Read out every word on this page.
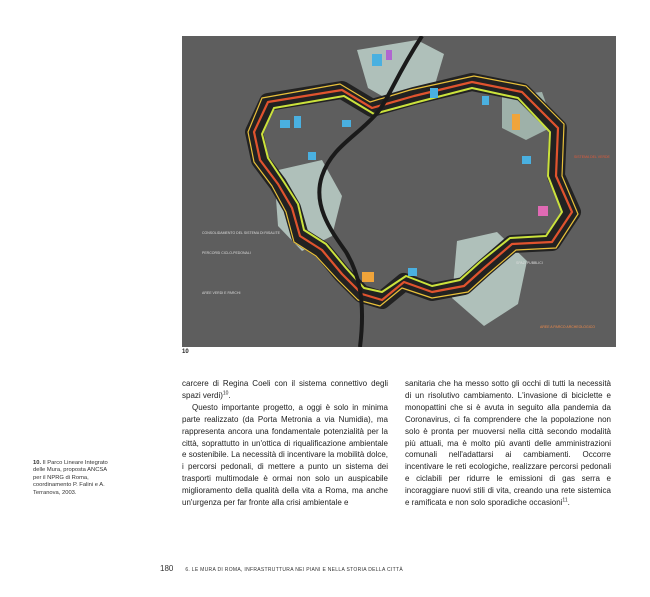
CONSOLIDAMENTO DEL SISTEMA DI RISALITE
PERCORSI CICLO-PEDONALI
AREE VERDI E PARCHI
AREE A PARCO ARCHEOLOGICO
SISTEMA DEL VERDE
SPAZI PUBBLICI
10
10. Il Parco Lineare Integrato delle Mura, proposta ANCSA per il NPRG di Roma, coordinamento P. Falini e A. Terranova, 2003.

carcere di Regina Coeli con il sistema connettivo degli spazi verdi)$^{10}$.

Questo importante progetto, a oggi è solo in minima parte realizzato (da Porta Metronia a via Numidia), ma rappresenta ancora una fondamentale potenzialità per la città, soprattutto in un'ottica di riqualificazione ambientale e sostenibile. La necessità di incentivare la mobilità dolce, i percorsi pedonali, di mettere a punto un sistema dei trasporti multimodale è ormai non solo un auspicabile miglioramento della qualità della vita a Roma, ma anche un'urgenza per far fronte alla crisi ambientale e

sanitaria che ha messo sotto gli occhi di tutti la necessità di un risolutivo cambiamento. L'invasione di biciclette e monopattini che si è avuta in seguito alla pandemia da Coronavirus, ci fa comprendere che la popolazione non solo è pronta per muoversi nella città secondo modalità più attuali, ma è molto più avanti delle amministrazioni comunali nell'adattarsi ai cambiamenti. Occorre incentivare le reti ecologiche, realizzare percorsi pedonali e ciclabili per ridurre le emissioni di gas serra e incoraggiare nuovi stili di vita, creando una rete sistemica e ramificata e non solo sporadiche occasioni$^{11}$.

180 6. LE MURA DI ROMA, INFRASTRUTTURA NEI PIANI E NELLA STORIA DELLA CITTÀ
